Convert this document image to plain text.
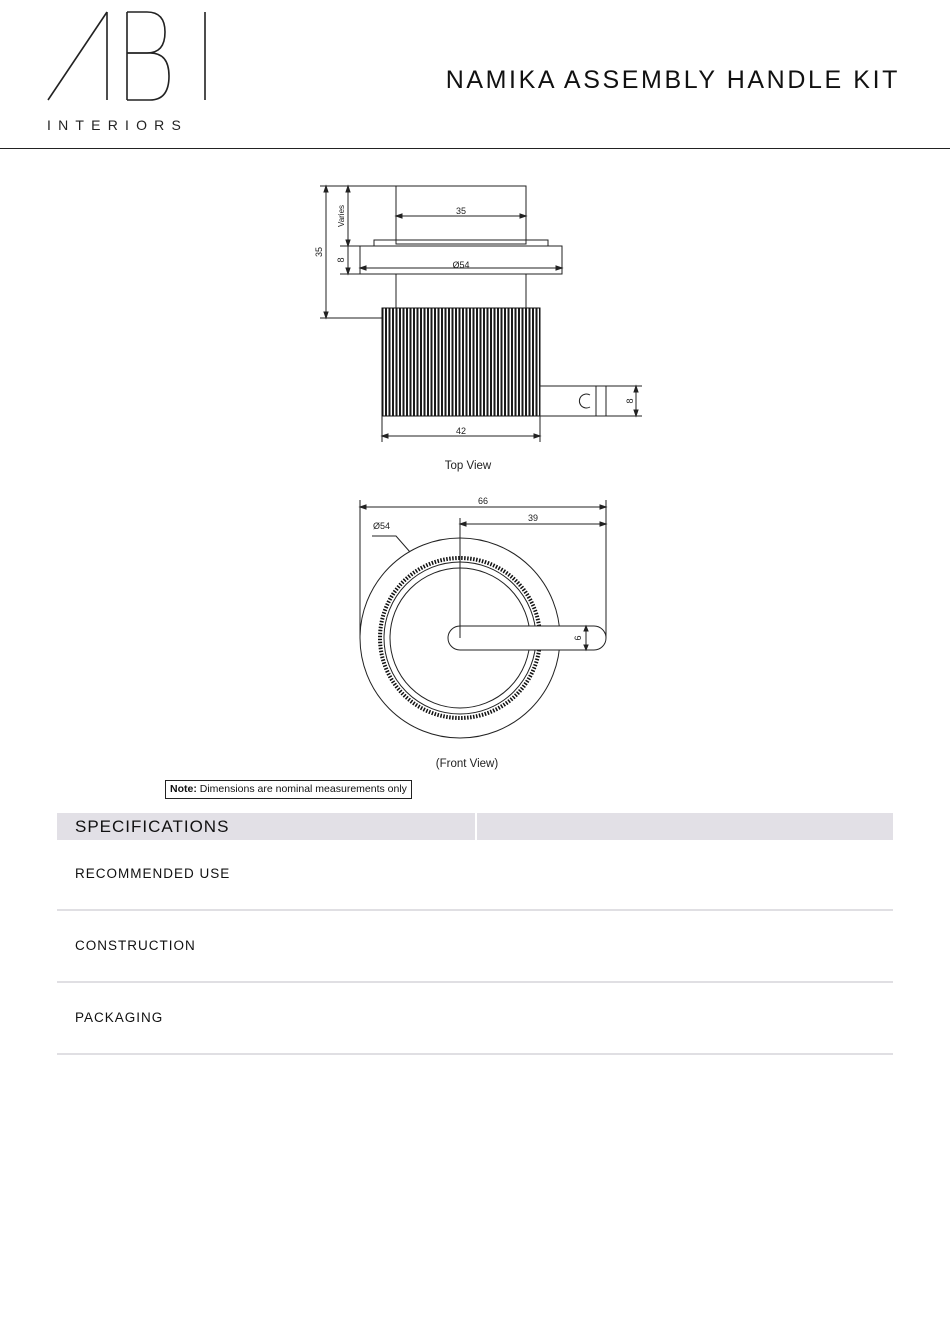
INTERIORS
NAMIKA ASSEMBLY HANDLE KIT
35
Varies
35
8	Ø54
42
8
Top View
66
39
Ø54
6
(Front View)
Note: Dimensions are nominal measurements only
SPECIFICATIONS
RECOMMENDED USE
CONSTRUCTION
PACKAGING
